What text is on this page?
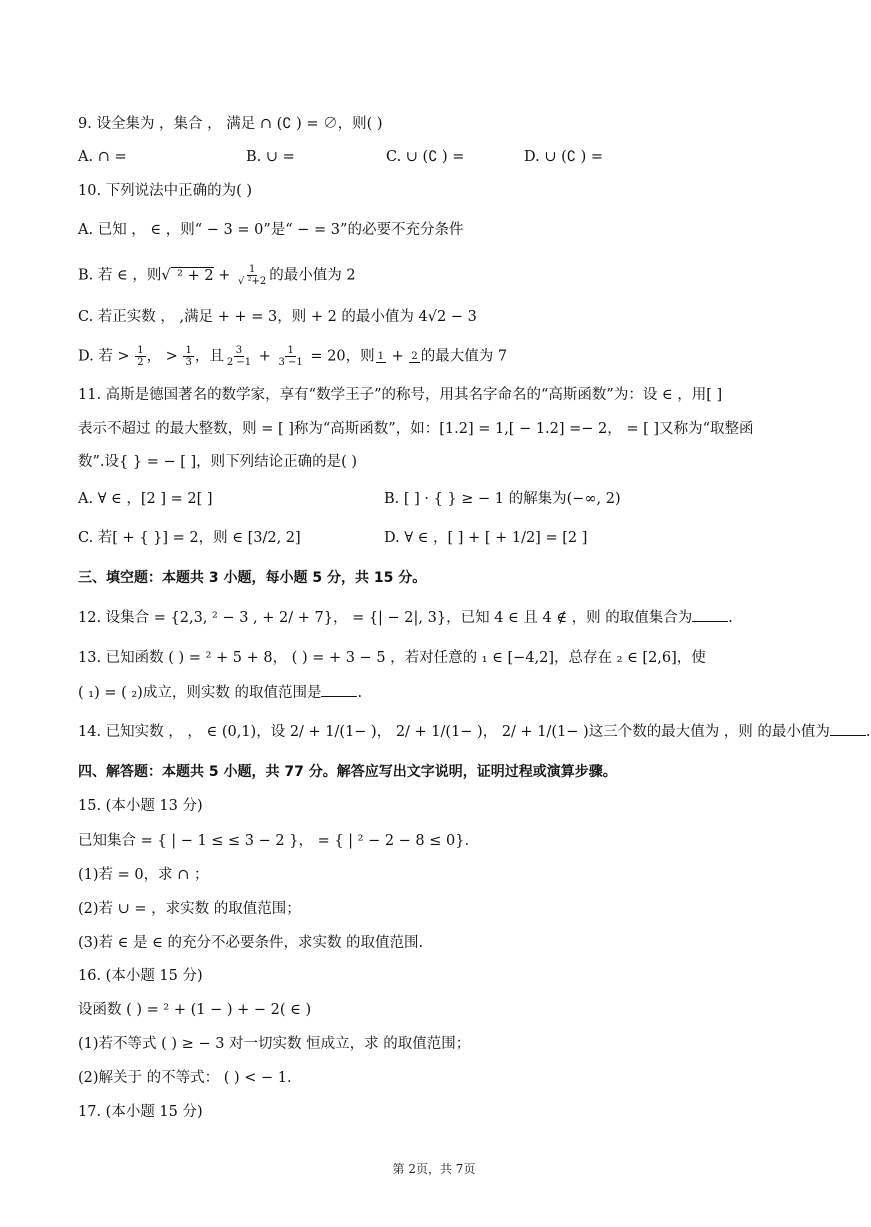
9. 设全集为 ，集合 ， 满足 ∩ (∁ ) = ∅，则( )
A. ∩ =	B. ∪ =	C. ∪ (∁ ) =	D. ∪ (∁ ) =
10. 下列说法中正确的为( )
A. 已知 ， ∈ ，则“ − 3 = 0”是“ − = 3”的必要不充分条件
B. 若 ∈ ，则√ $^2 + 2 + \frac{1}{\text{√ ²+2}}$ 的最小值为 2
C. 若正实数 ， ,满足 + + = 3，则 + 2 的最小值为 4√2 − 3
D. 若 > $\frac{1}{2}$ ， > $\frac{1}{3}$ ，且 $\frac{3}{2 -1} + \frac{1}{3 -1} = 20$，则 1 + 2 的最大值为 7
11. 高斯是德国著名的数学家，享有“数学王子”的称号，用其名字命名的“高斯函数”为：设 ∈ ，用[ ]
表示不超过 的最大整数，则 = [ ]称为“高斯函数”，如：[1.2] = 1,[ − 1.2] =− 2， = [ ]又称为“取整函
数”.设{ } = − [ ]，则下列结论正确的是( )
A. ∀ ∈ ，[2 ] = 2[ ]	B. [ ] · { } ≥ − 1 的解集为(−∞, 2)
C. 若[ + { }] = 2，则 ∈ [3/2, 2]	D. ∀ ∈ ，[ ] + [ + 1/2] = [2 ]
三、填空题：本题共 3 小题，每小题 5 分，共 15 分。
12. 设集合 = {2,3, ² − 3 , + 2/ + 7}， = {| − 2|, 3}，已知 4 ∈ 且 4 ∉ ，则 的取值集合为 .
13. 已知函数 ( ) = ² + 5 + 8， ( ) = + 3 − 5 ，若对任意的 ₁ ∈ [−4,2]，总存在 ₂ ∈ [2,6]，使
( ₁) = ( ₂)成立，则实数 的取值范围是 .
14. 已知实数 ， ， ∈ (0,1)，设 2/ + 1/(1− )， 2/ + 1/(1− )， 2/ + 1/(1− )这三个数的最大值为 ，则 的最小值为 .
四、解答题：本题共 5 小题，共 77 分。解答应写出文字说明，证明过程或演算步骤。
15. (本小题 13 分)
已知集合 = { | − 1 ≤ ≤ 3 − 2 }， = { | ² − 2 − 8 ≤ 0}.
(1)若 = 0，求 ∩ ；
(2)若 ∪ = ，求实数 的取值范围；
(3)若 ∈ 是 ∈ 的充分不必要条件，求实数 的取值范围.
16. (本小题 15 分)
设函数 ( ) = ² + (1 − ) + − 2( ∈ )
(1)若不等式 ( ) ≥ − 3 对一切实数 恒成立，求 的取值范围；
(2)解关于 的不等式： ( ) < − 1.
17. (本小题 15 分)
第 2页，共 7页
